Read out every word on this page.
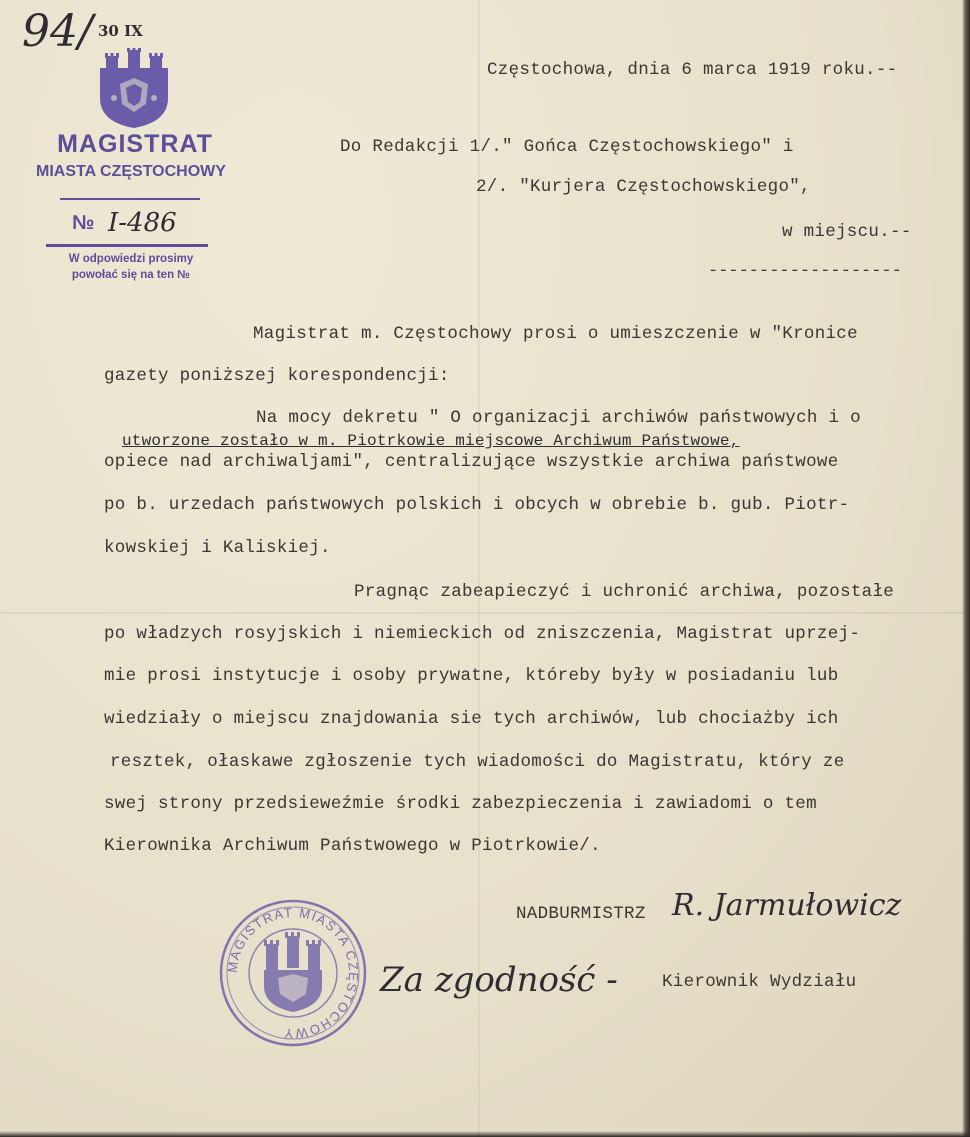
94/ 30 IX
MAGISTRAT
MIASTA CZĘSTOCHOWY
№ I-486
W odpowiedzi prosimy
powołać się na ten №
Częstochowa, dnia 6 marca 1919 roku.--
Do Redakcji 1/." Gońca Częstochowskiego" i
2/. "Kurjera Częstochowskiego",
w miejscu.--
-------------------
Magistrat m. Częstochowy prosi o umieszczenie w "Kronice
gazety poniższej korespondencji:
Na mocy dekretu " O organizacji archiwów państwowych i o
utworzone zostało w m. Piotrkowie miejscowe Archiwum Państwowe,
opiece nad archiwaljami", centralizujące wszystkie archiwa państwowe
po b. urzedach państwowych polskich i obcych w obrebie b. gub. Piotr-
kowskiej i Kaliskiej.
Pragnąc zabeapieczyć i uchronić archiwa, pozostałe
po władzych rosyjskich i niemieckich od zniszczenia, Magistrat uprzej-
mie prosi instytucje i osoby prywatne, któreby były w posiadaniu lub
wiedziały o miejscu znajdowania sie tych archiwów, lub chociażby ich
resztek, ołaskawe zgłoszenie tych wiadomości do Magistratu, który ze
swej strony przedsieweźmie środki zabezpieczenia i zawiadomi o tem
Kierownika Archiwum Państwowego w Piotrkowie/.
NADBURMISTRZ R. Jarmułowicz
Za zgodność -	Kierownik Wydziału
MAGISTRAT MIASTA CZĘSTOCHOWY
